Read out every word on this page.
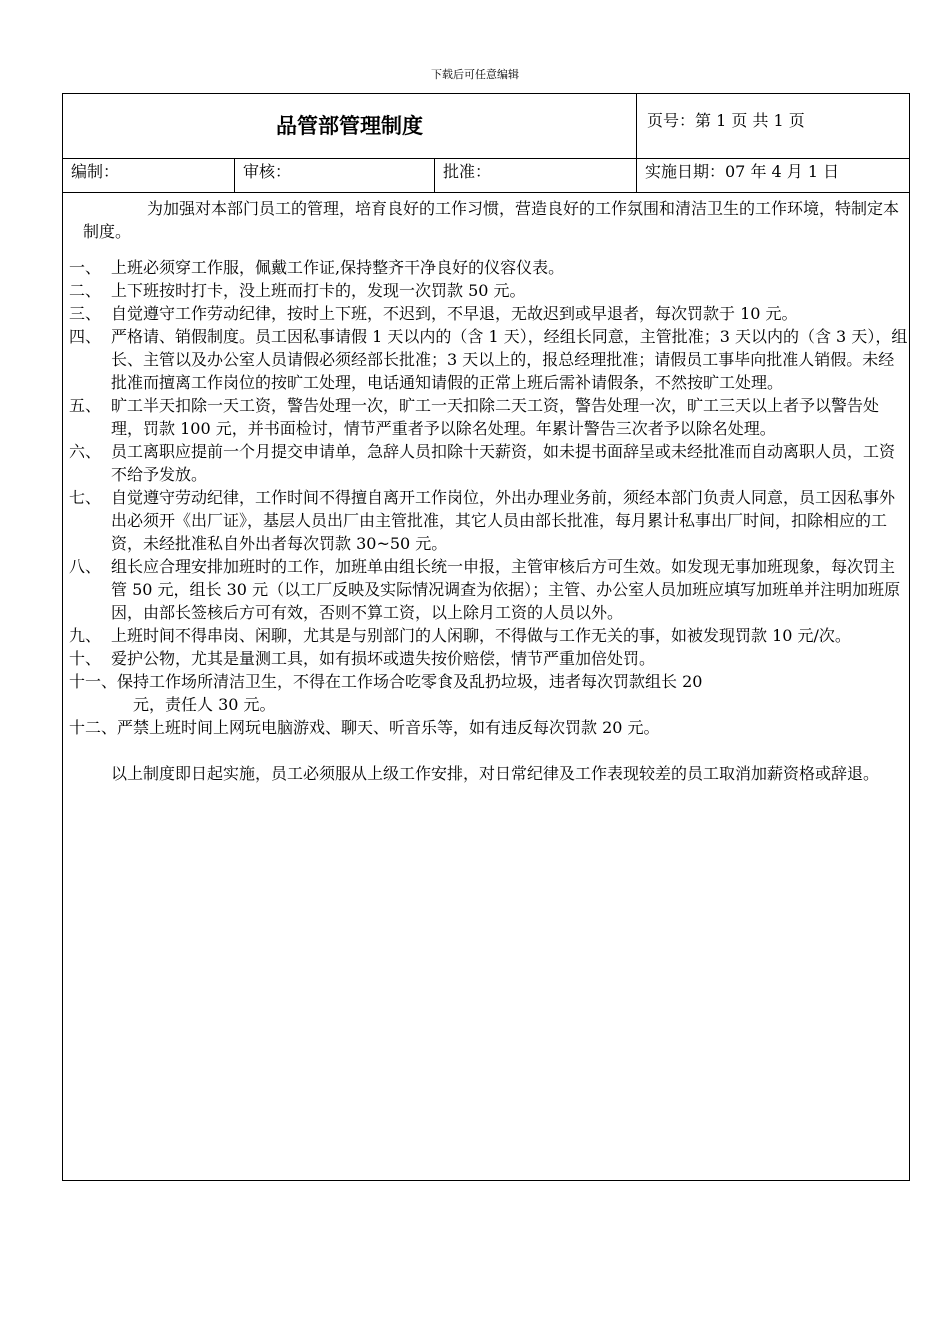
下载后可任意编辑
品管部管理制度	页号：第 1 页 共 1 页
编制：	审核：	批准：	实施日期：07 年 4 月 1 日

为加强对本部门员工的管理，培育良好的工作习惯，营造良好的工作氛围和清洁卫生的工作环境，特制定本制度。

一、 上班必须穿工作服，佩戴工作证,保持整齐干净良好的仪容仪表。

二、 上下班按时打卡，没上班而打卡的，发现一次罚款 50 元。

三、 自觉遵守工作劳动纪律，按时上下班，不迟到，不早退，无故迟到或早退者，每次罚款于 10 元。

四、 严格请、销假制度。员工因私事请假 1 天以内的（含 1 天），经组长同意，主管批准；3 天以内的（含 3 天），组长、主管以及办公室人员请假必须经部长批准；3 天以上的，报总经理批准；请假员工事毕向批准人销假。未经批准而擅离工作岗位的按旷工处理，电话通知请假的正常上班后需补请假条，不然按旷工处理。

五、 旷工半天扣除一天工资，警告处理一次，旷工一天扣除二天工资，警告处理一次，旷工三天以上者予以警告处理，罚款 100 元，并书面检讨，情节严重者予以除名处理。年累计警告三次者予以除名处理。

六、 员工离职应提前一个月提交申请单，急辞人员扣除十天薪资，如未提书面辞呈或未经批准而自动离职人员，工资不给予发放。

七、 自觉遵守劳动纪律，工作时间不得擅自离开工作岗位，外出办理业务前，须经本部门负责人同意，员工因私事外出必须开《出厂证》，基层人员出厂由主管批准，其它人员由部长批准，每月累计私事出厂时间，扣除相应的工资，未经批准私自外出者每次罚款 30~50 元。

八、 组长应合理安排加班时的工作，加班单由组长统一申报，主管审核后方可生效。如发现无事加班现象，每次罚主管 50 元，组长 30 元（以工厂反映及实际情况调查为依据）；主管、办公室人员加班应填写加班单并注明加班原因，由部长签核后方可有效，否则不算工资，以上除月工资的人员以外。

九、 上班时间不得串岗、闲聊，尤其是与别部门的人闲聊，不得做与工作无关的事，如被发现罚款 10 元/次。

十、 爱护公物，尤其是量测工具，如有损坏或遗失按价赔偿，情节严重加倍处罚。

十一、保持工作场所清洁卫生，不得在工作场合吃零食及乱扔垃圾，违者每次罚款组长 20
元，责任人 30 元。

十二、严禁上班时间上网玩电脑游戏、聊天、听音乐等，如有违反每次罚款 20 元。

以上制度即日起实施，员工必须服从上级工作安排，对日常纪律及工作表现较差的员工取消加薪资格或辞退。
